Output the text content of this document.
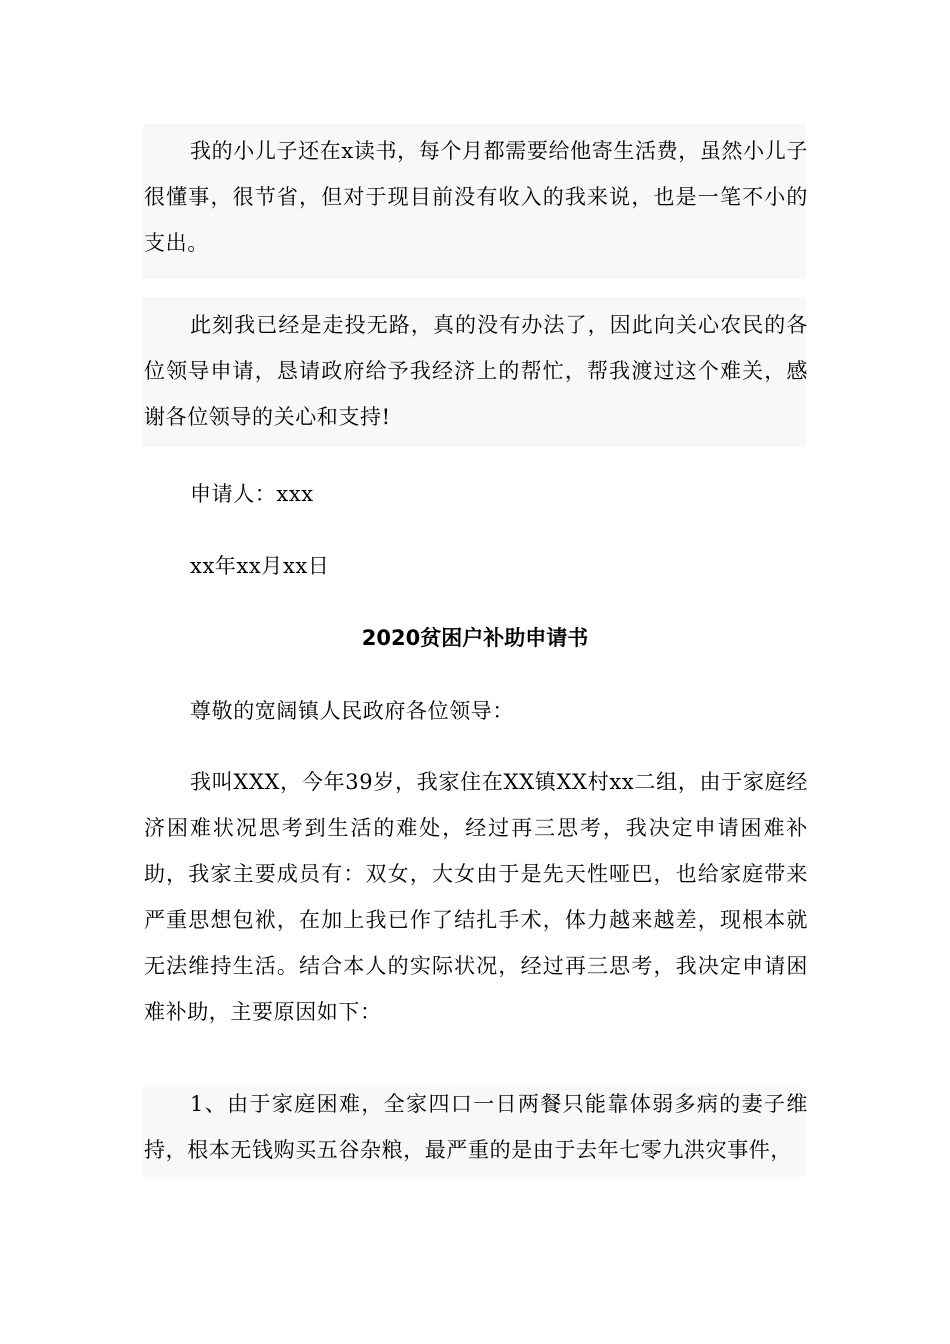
我的小儿子还在x读书，每个月都需要给他寄生活费，虽然小儿子很懂事，很节省，但对于现目前没有收入的我来说，也是一笔不小的支出。

此刻我已经是走投无路，真的没有办法了，因此向关心农民的各位领导申请，恳请政府给予我经济上的帮忙，帮我渡过这个难关，感谢各位领导的关心和支持!

申请人：xxx

xx年xx月xx日

2020贫困户补助申请书

尊敬的宽阔镇人民政府各位领导：

我叫XXX，今年39岁，我家住在XX镇XX村xx二组，由于家庭经济困难状况思考到生活的难处，经过再三思考，我决定申请困难补助，我家主要成员有：双女，大女由于是先天性哑巴，也给家庭带来严重思想包袱，在加上我已作了结扎手术，体力越来越差，现根本就无法维持生活。结合本人的实际状况，经过再三思考，我决定申请困难补助，主要原因如下：

1、由于家庭困难，全家四口一日两餐只能靠体弱多病的妻子维持，根本无钱购买五谷杂粮，最严重的是由于去年七零九洪灾事件，
